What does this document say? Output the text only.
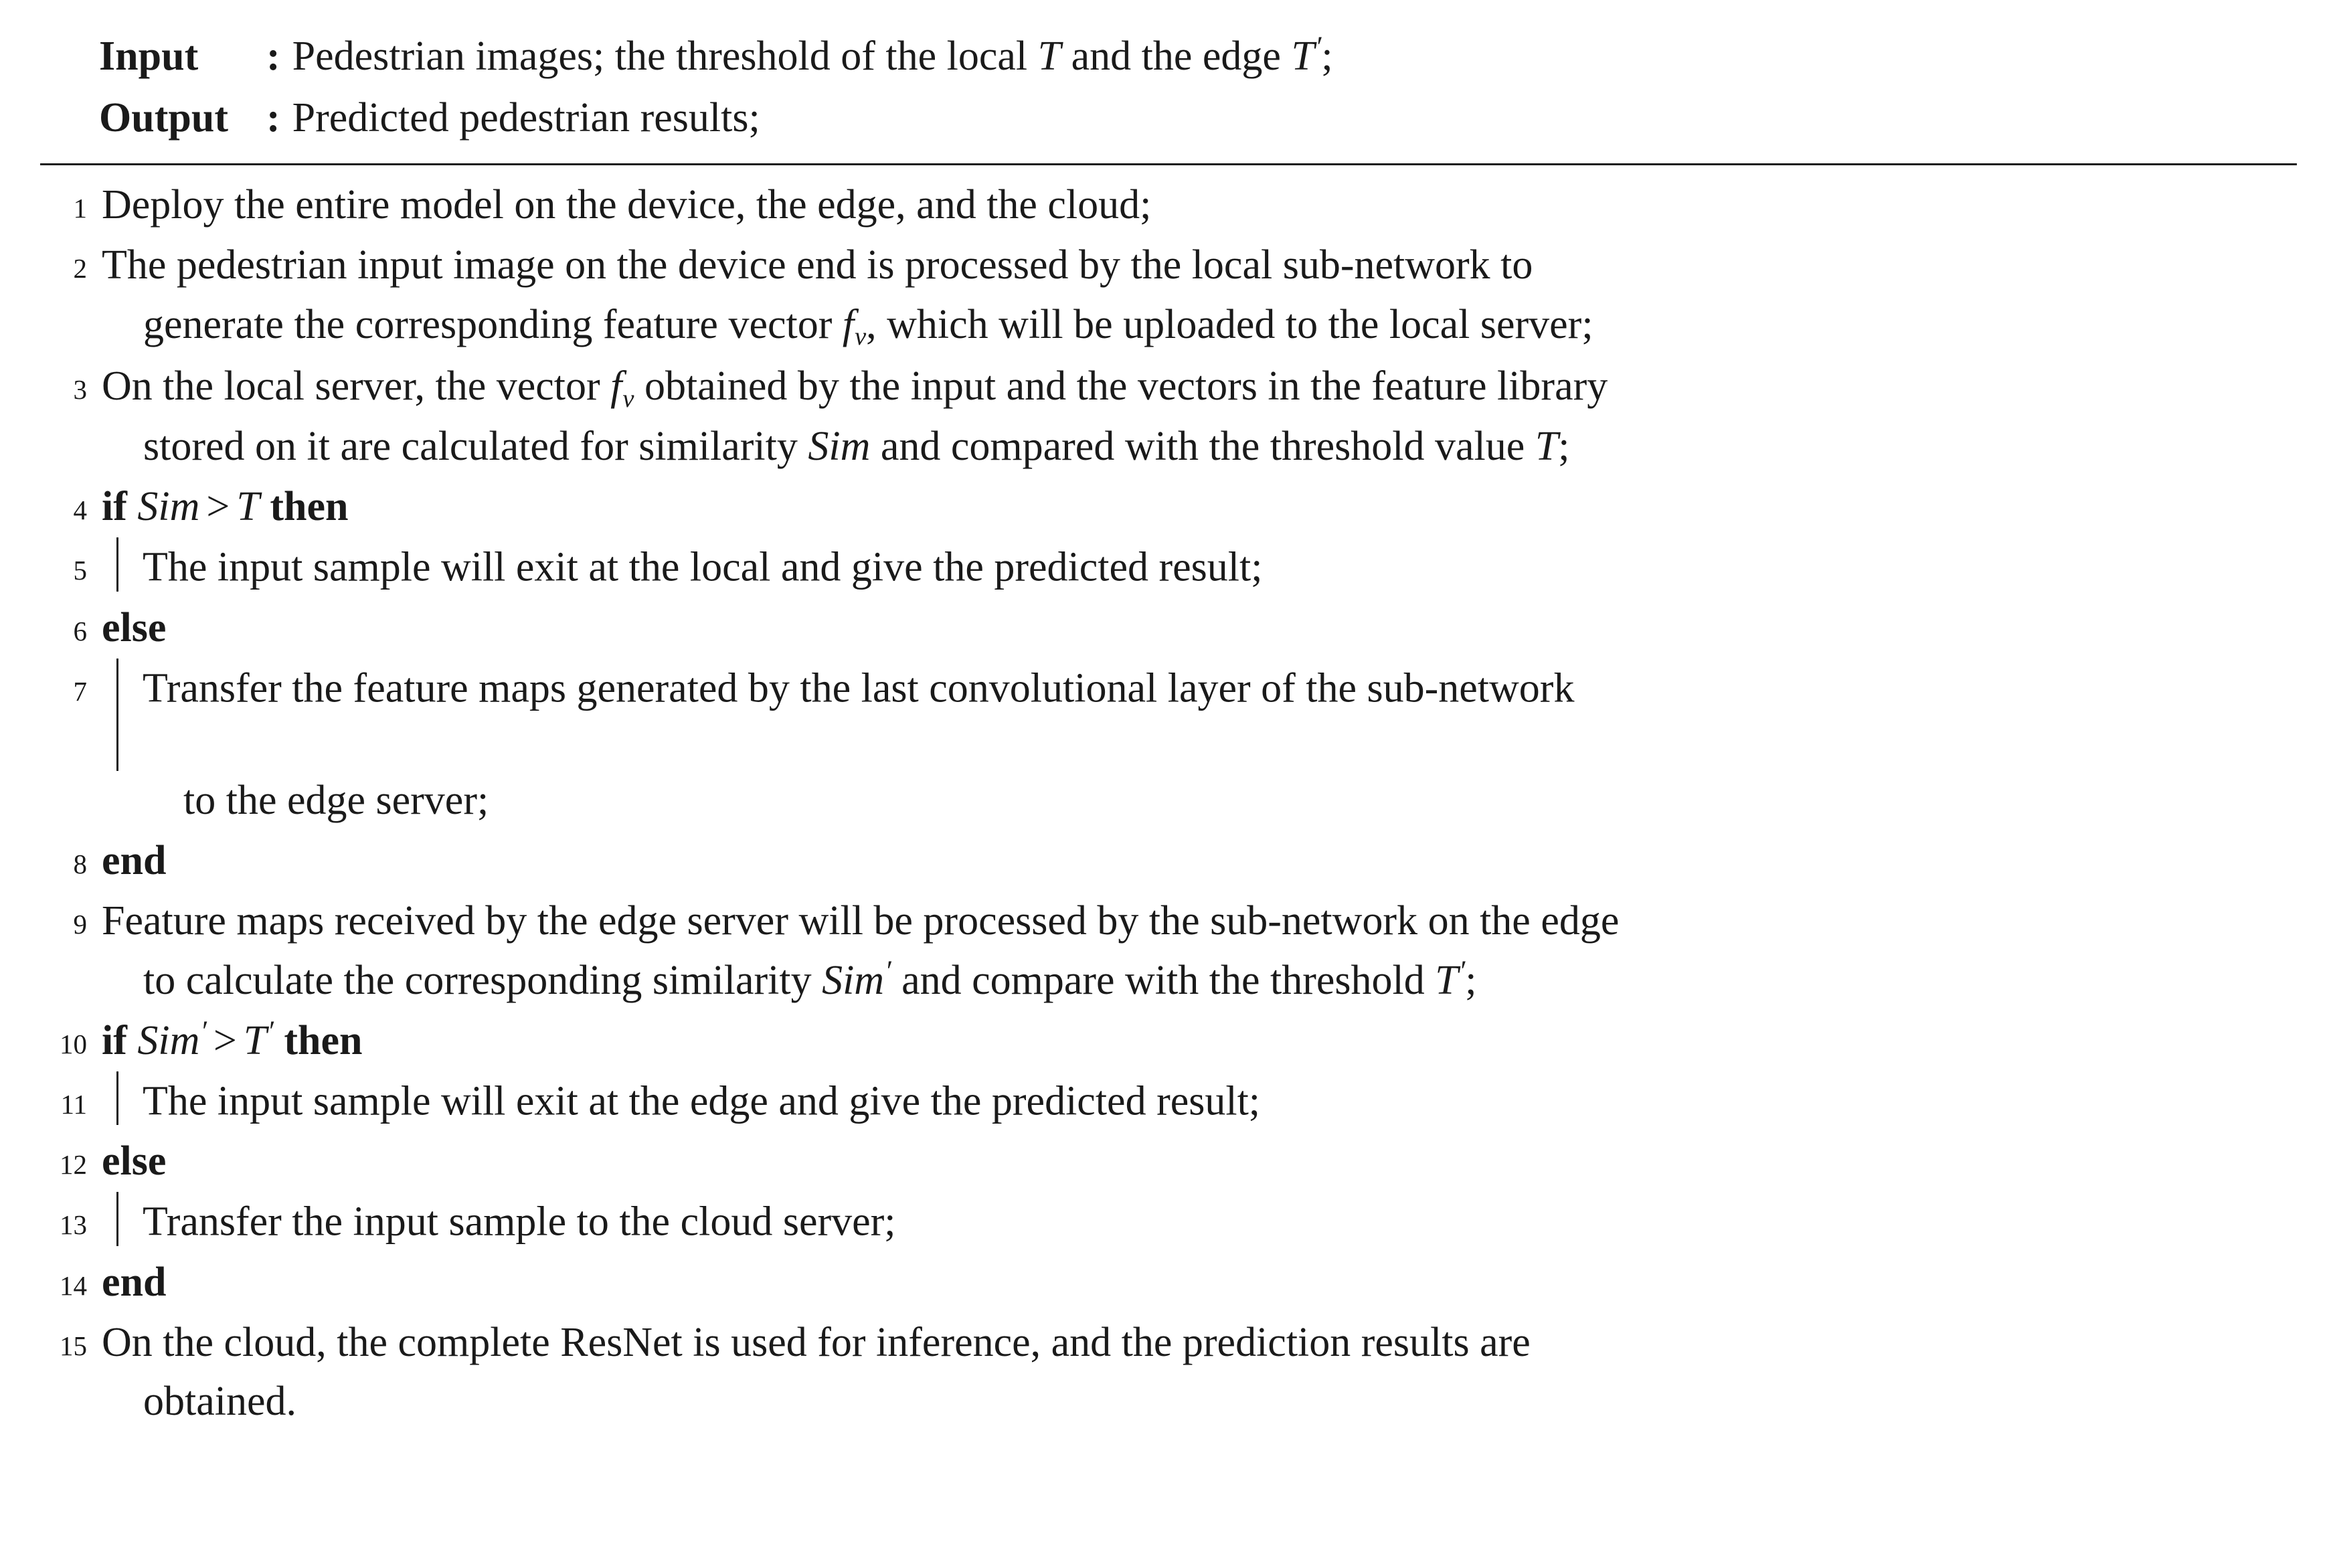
Input	: Pedestrian images; the threshold of the local T and the edge T′;
Output : Predicted pedestrian results;
1 Deploy the entire model on the device, the edge, and the cloud;
2 The pedestrian input image on the device end is processed by the local sub-network to
generate the corresponding feature vector $f_v$, which will be uploaded to the local server;
3 On the local server, the vector $f_v$ obtained by the input and the vectors in the feature library
stored on it are calculated for similarity Sim and compared with the threshold value T;
4 if Sim > T then
5	The input sample will exit at the local and give the predicted result;
6 else
7	Transfer the feature maps generated by the last convolutional layer of the sub-network
to the edge server;
8 end
9 Feature maps received by the edge server will be processed by the sub-network on the edge
to calculate the corresponding similarity Sim′ and compare with the threshold T′;
10 if Sim′ > T′ then
11	The input sample will exit at the edge and give the predicted result;
12 else
13	Transfer the input sample to the cloud server;
14 end
15 On the cloud, the complete ResNet is used for inference, and the prediction results are
obtained.
